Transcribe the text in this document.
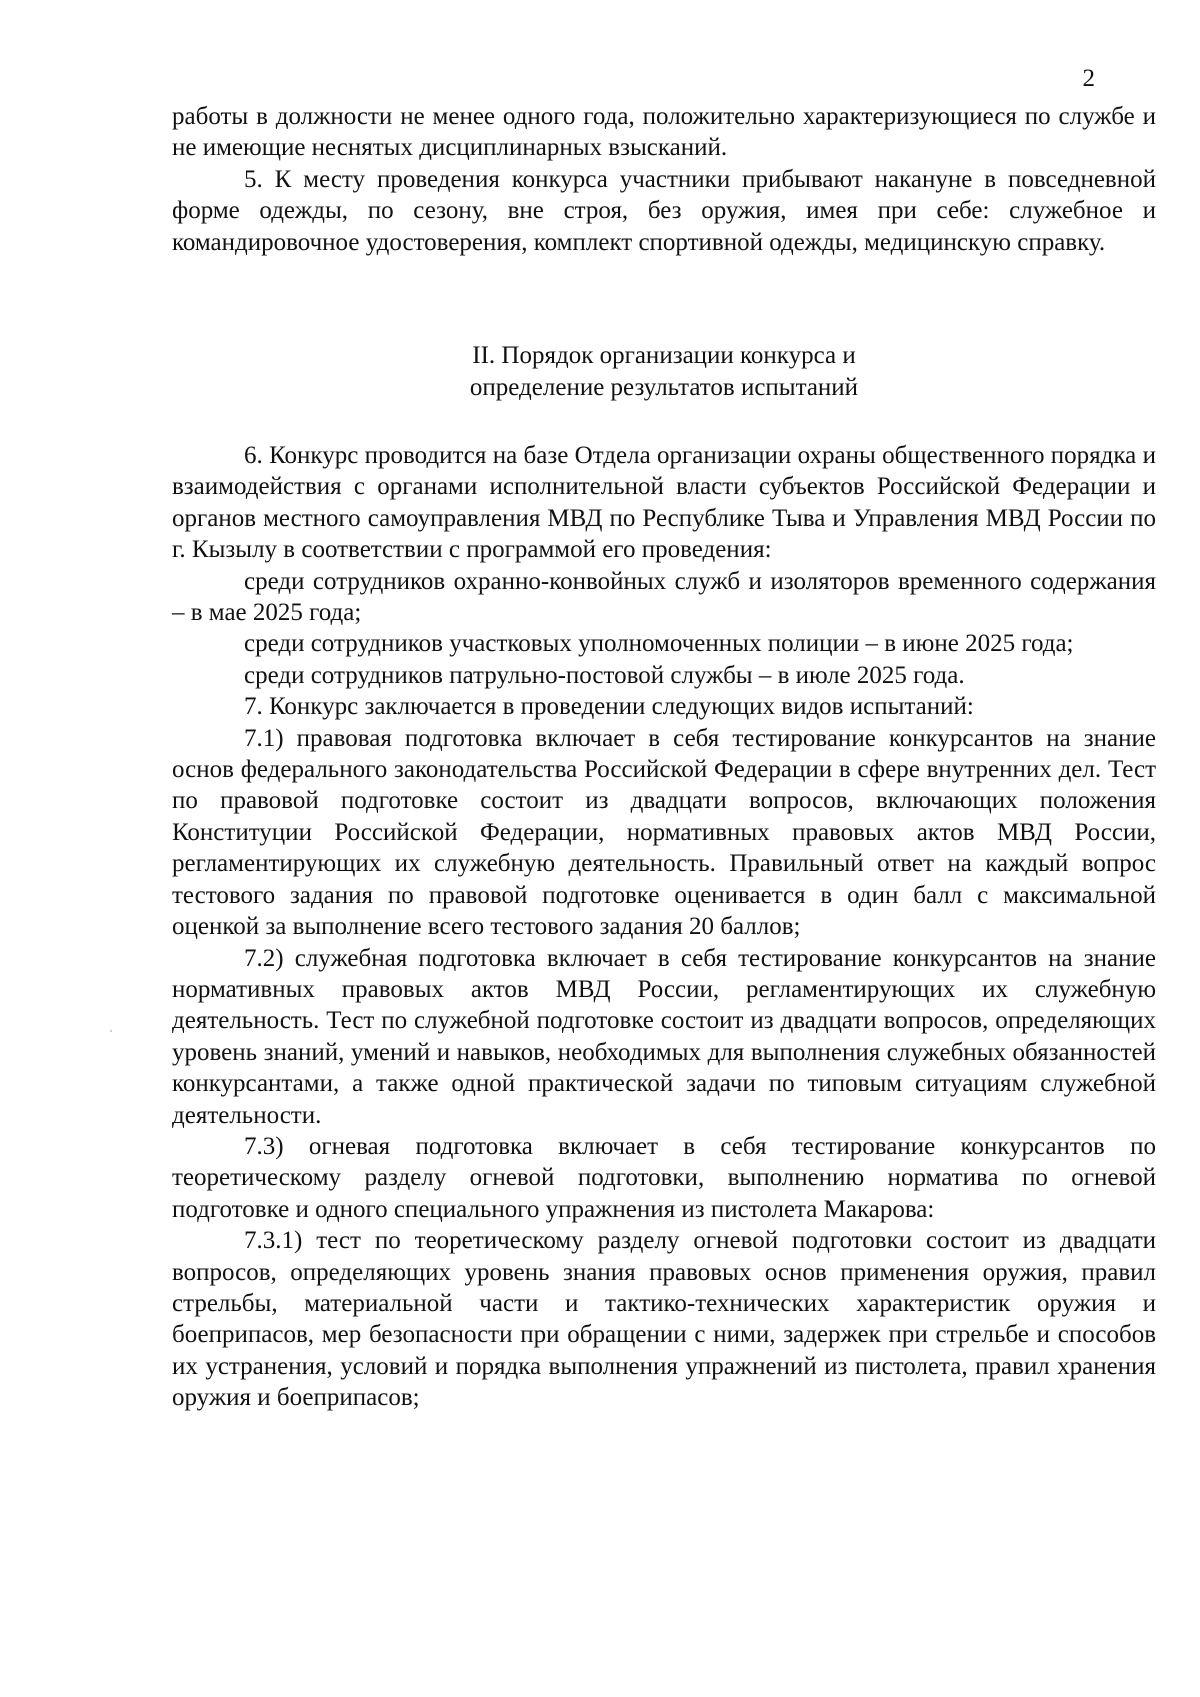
2

работы в должности не менее одного года, положительно характеризующиеся по службе и не имеющие неснятых дисциплинарных взысканий.

5. К месту проведения конкурса участники прибывают накануне в повседневной форме одежды, по сезону, вне строя, без оружия, имея при себе: служебное и командировочное удостоверения, комплект спортивной одежды, медицинскую справку.

II. Порядок организации конкурса и
определение результатов испытаний

6. Конкурс проводится на базе Отдела организации охраны общественного порядка и взаимодействия с органами исполнительной власти субъектов Российской Федерации и органов местного самоуправления МВД по Республике Тыва и Управления МВД России по г. Кызылу в соответствии с программой его проведения:

среди сотрудников охранно-конвойных служб и изоляторов временного содержания – в мае 2025 года;

среди сотрудников участковых уполномоченных полиции – в июне 2025 года;

среди сотрудников патрульно-постовой службы – в июле 2025 года.

7. Конкурс заключается в проведении следующих видов испытаний:

7.1) правовая подготовка включает в себя тестирование конкурсантов на знание основ федерального законодательства Российской Федерации в сфере внутренних дел. Тест по правовой подготовке состоит из двадцати вопросов, включающих положения Конституции Российской Федерации, нормативных правовых актов МВД России, регламентирующих их служебную деятельность. Правильный ответ на каждый вопрос тестового задания по правовой подготовке оценивается в один балл с максимальной оценкой за выполнение всего тестового задания 20 баллов;

7.2) служебная подготовка включает в себя тестирование конкурсантов на знание нормативных правовых актов МВД России, регламентирующих их служебную деятельность. Тест по служебной подготовке состоит из двадцати вопросов, определяющих уровень знаний, умений и навыков, необходимых для выполнения служебных обязанностей конкурсантами, а также одной практической задачи по типовым ситуациям служебной деятельности.

7.3) огневая подготовка включает в себя тестирование конкурсантов по теоретическому разделу огневой подготовки, выполнению норматива по огневой подготовке и одного специального упражнения из пистолета Макарова:

7.3.1) тест по теоретическому разделу огневой подготовки состоит из двадцати вопросов, определяющих уровень знания правовых основ применения оружия, правил стрельбы, материальной части и тактико-технических характеристик оружия и боеприпасов, мер безопасности при обращении с ними, задержек при стрельбе и способов их устранения, условий и порядка выполнения упражнений из пистолета, правил хранения оружия и боеприпасов;
